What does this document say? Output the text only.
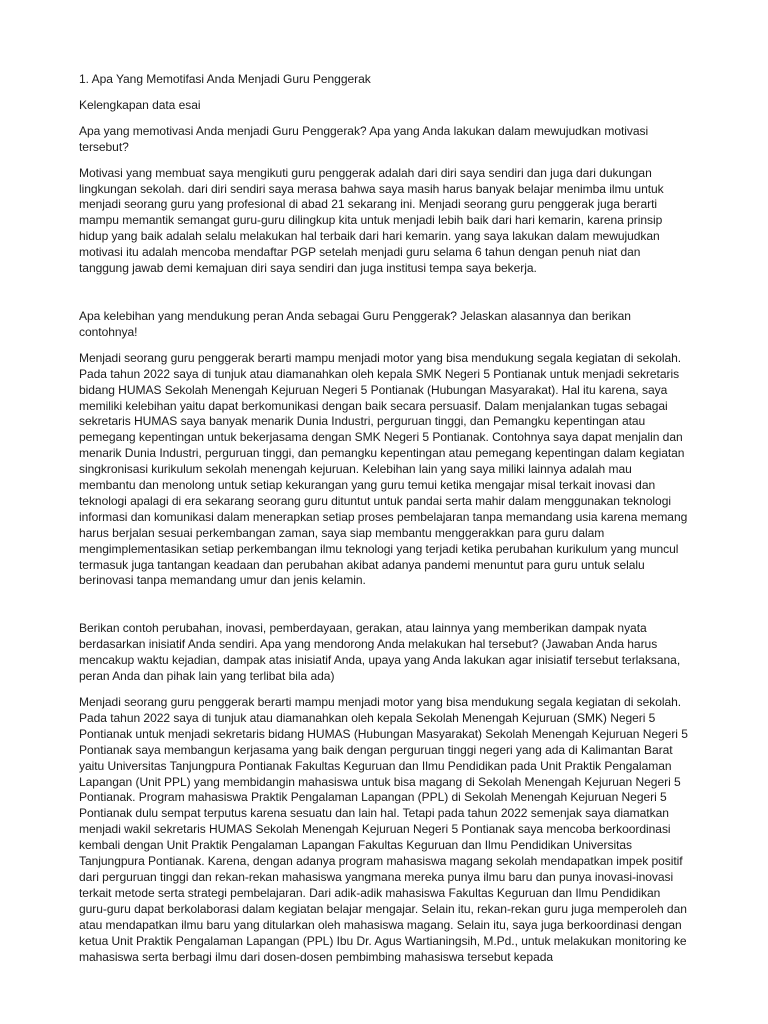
1. Apa Yang Memotifasi Anda Menjadi Guru Penggerak

Kelengkapan data esai

Apa yang memotivasi Anda menjadi Guru Penggerak? Apa yang Anda lakukan dalam mewujudkan motivasi tersebut?

Motivasi yang membuat saya mengikuti guru penggerak adalah dari diri saya sendiri dan juga dari dukungan lingkungan sekolah. dari diri sendiri saya merasa bahwa saya masih harus banyak belajar menimba ilmu untuk menjadi seorang guru yang profesional di abad 21 sekarang ini. Menjadi seorang guru penggerak juga berarti mampu memantik semangat guru-guru dilingkup kita untuk menjadi lebih baik dari hari kemarin, karena prinsip hidup yang baik adalah selalu melakukan hal terbaik dari hari kemarin. yang saya lakukan dalam mewujudkan motivasi itu adalah mencoba mendaftar PGP setelah menjadi guru selama 6 tahun dengan penuh niat dan tanggung jawab demi kemajuan diri saya sendiri dan juga institusi tempa saya bekerja.

Apa kelebihan yang mendukung peran Anda sebagai Guru Penggerak? Jelaskan alasannya dan berikan contohnya!

Menjadi seorang guru penggerak berarti mampu menjadi motor yang bisa mendukung segala kegiatan di sekolah. Pada tahun 2022 saya di tunjuk atau diamanahkan oleh kepala SMK Negeri 5 Pontianak untuk menjadi sekretaris bidang HUMAS Sekolah Menengah Kejuruan Negeri 5 Pontianak (Hubungan Masyarakat). Hal itu karena, saya memiliki kelebihan yaitu dapat berkomunikasi dengan baik secara persuasif. Dalam menjalankan tugas sebagai sekretaris HUMAS saya banyak menarik Dunia Industri, perguruan tinggi, dan Pemangku kepentingan atau pemegang kepentingan untuk bekerjasama dengan SMK Negeri 5 Pontianak. Contohnya saya dapat menjalin dan menarik Dunia Industri, perguruan tinggi, dan pemangku kepentingan atau pemegang kepentingan dalam kegiatan singkronisasi kurikulum sekolah menengah kejuruan. Kelebihan lain yang saya miliki lainnya adalah mau membantu dan menolong untuk setiap kekurangan yang guru temui ketika mengajar misal terkait inovasi dan teknologi apalagi di era sekarang seorang guru dituntut untuk pandai serta mahir dalam menggunakan teknologi informasi dan komunikasi dalam menerapkan setiap proses pembelajaran tanpa memandang usia karena memang harus berjalan sesuai perkembangan zaman, saya siap membantu menggerakkan para guru dalam mengimplementasikan setiap perkembangan ilmu teknologi yang terjadi ketika perubahan kurikulum yang muncul termasuk juga tantangan keadaan dan perubahan akibat adanya pandemi menuntut para guru untuk selalu berinovasi tanpa memandang umur dan jenis kelamin.

Berikan contoh perubahan, inovasi, pemberdayaan, gerakan, atau lainnya yang memberikan dampak nyata berdasarkan inisiatif Anda sendiri. Apa yang mendorong Anda melakukan hal tersebut? (Jawaban Anda harus mencakup waktu kejadian, dampak atas inisiatif Anda, upaya yang Anda lakukan agar inisiatif tersebut terlaksana, peran Anda dan pihak lain yang terlibat bila ada)

Menjadi seorang guru penggerak berarti mampu menjadi motor yang bisa mendukung segala kegiatan di sekolah. Pada tahun 2022 saya di tunjuk atau diamanahkan oleh kepala Sekolah Menengah Kejuruan (SMK) Negeri 5 Pontianak untuk menjadi sekretaris bidang HUMAS (Hubungan Masyarakat) Sekolah Menengah Kejuruan Negeri 5 Pontianak saya membangun kerjasama yang baik dengan perguruan tinggi negeri yang ada di Kalimantan Barat yaitu Universitas Tanjungpura Pontianak Fakultas Keguruan dan Ilmu Pendidikan pada Unit Praktik Pengalaman Lapangan (Unit PPL) yang membidangin mahasiswa untuk bisa magang di Sekolah Menengah Kejuruan Negeri 5 Pontianak. Program mahasiswa Praktik Pengalaman Lapangan (PPL) di Sekolah Menengah Kejuruan Negeri 5 Pontianak dulu sempat terputus karena sesuatu dan lain hal. Tetapi pada tahun 2022 semenjak saya diamatkan menjadi wakil sekretaris HUMAS Sekolah Menengah Kejuruan Negeri 5 Pontianak saya mencoba berkoordinasi kembali dengan Unit Praktik Pengalaman Lapangan Fakultas Keguruan dan Ilmu Pendidikan Universitas Tanjungpura Pontianak. Karena, dengan adanya program mahasiswa magang sekolah mendapatkan impek positif dari perguruan tinggi dan rekan-rekan mahasiswa yangmana mereka punya ilmu baru dan punya inovasi-inovasi terkait metode serta strategi pembelajaran. Dari adik-adik mahasiswa Fakultas Keguruan dan Ilmu Pendidikan guru-guru dapat berkolaborasi dalam kegiatan belajar mengajar. Selain itu, rekan-rekan guru juga memperoleh dan atau mendapatkan ilmu baru yang ditularkan oleh mahasiswa magang. Selain itu, saya juga berkoordinasi dengan ketua Unit Praktik Pengalaman Lapangan (PPL) Ibu Dr. Agus Wartianingsih, M.Pd., untuk melakukan monitoring ke mahasiswa serta berbagi ilmu dari dosen-dosen pembimbing mahasiswa tersebut kepada
